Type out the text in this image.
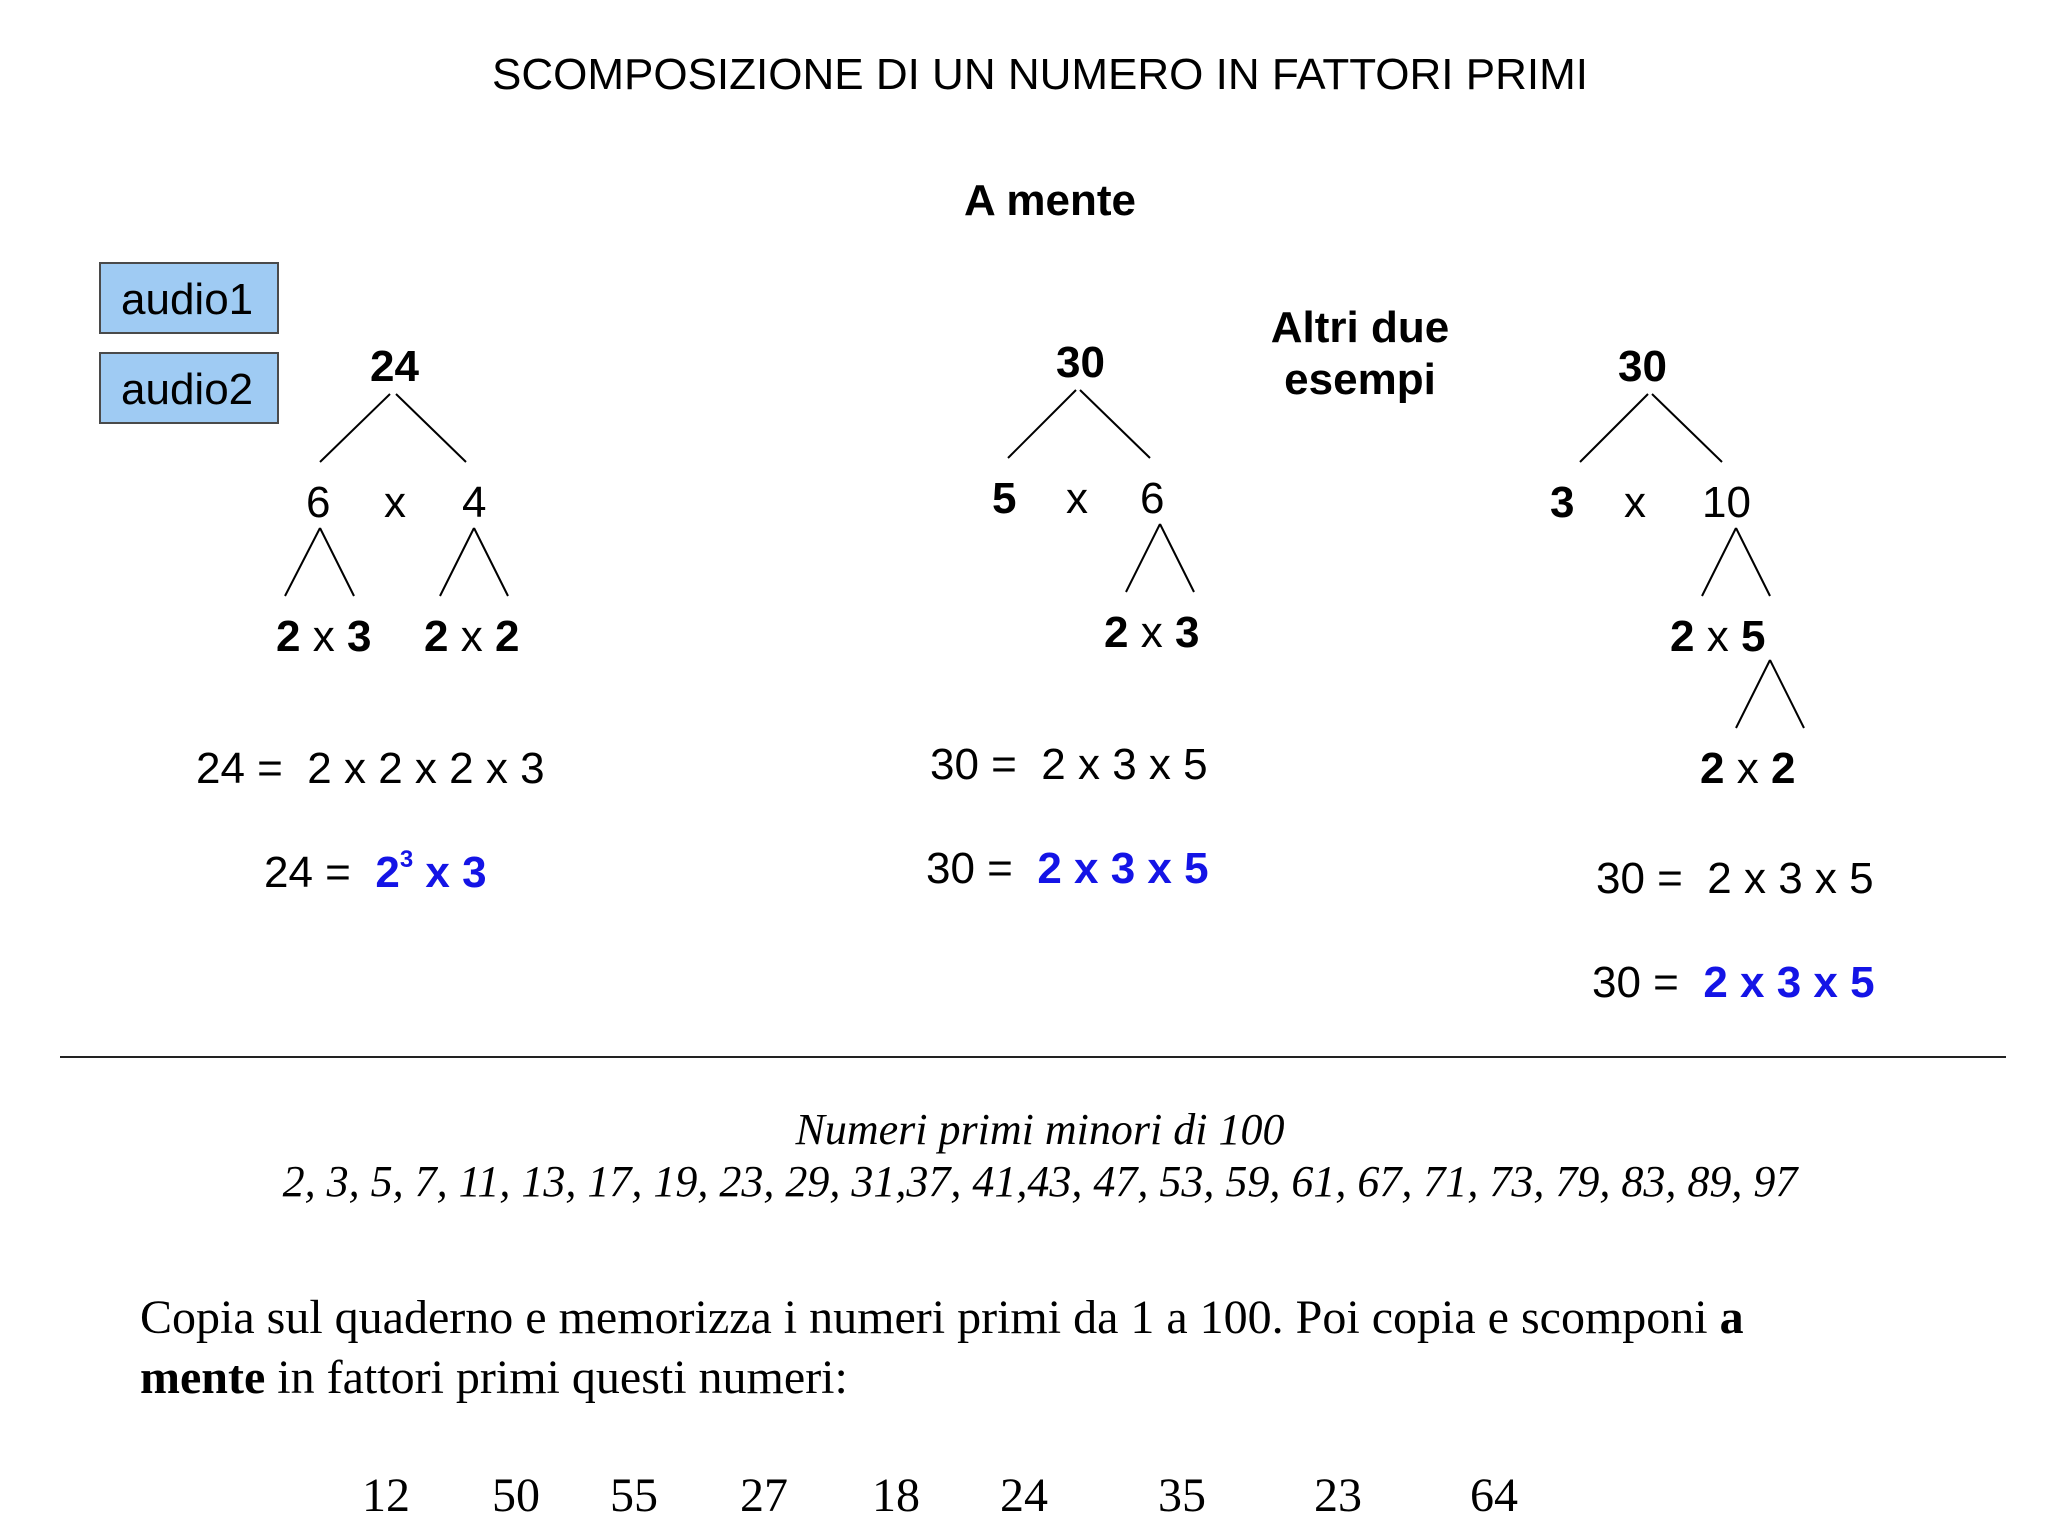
SCOMPOSIZIONE DI UN NUMERO IN FATTORI PRIMI
A mente
Altri due
esempi
audio1
audio2	24
6 x 4
2 x 3 2 x 2
24 =  2 x 2 x 2 x 3
$24 = 2^3$ x 3
30
5 x 6
2 x 3
30 =  2 x 3 x 5
30 = 2 x 3 x 5
30
3 x 10
2 x 5
2 x 2
30 =  2 x 3 x 5
30 = 2 x 3 x 5
Numeri primi minori di 100
2, 3, 5, 7, 11, 13, 17, 19, 23, 29, 31,37, 41,43, 47, 53, 59, 61, 67, 71, 73, 79, 83, 89, 97
Copia sul quaderno e memorizza i numeri primi da 1 a 100. Poi copia e scomponi a
mente in fattori primi questi numeri:
12 50 55 27 18 24 35 23 64
